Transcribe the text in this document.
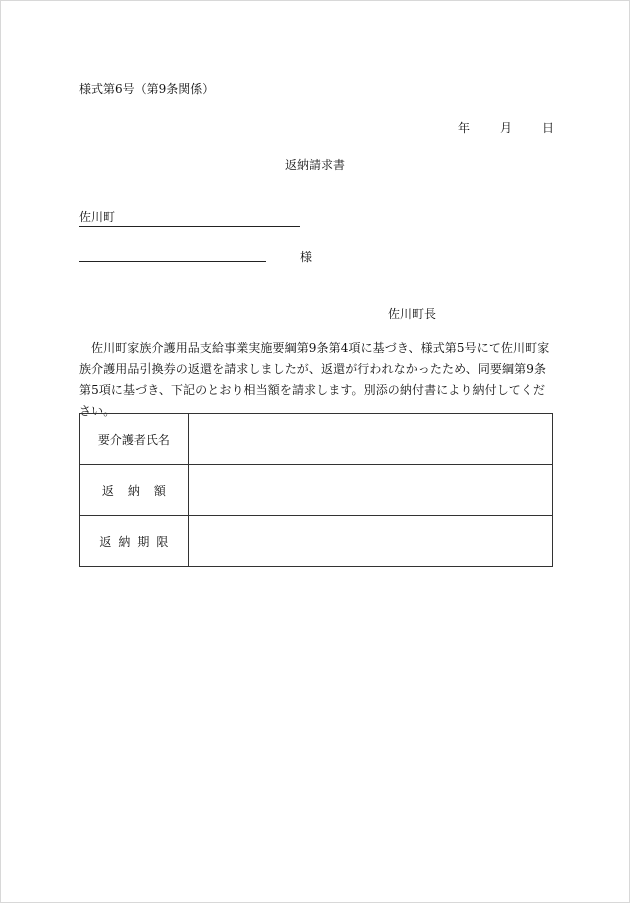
様式第6号（第9条関係）
年 月 日
返納請求書
佐川町
様
佐川町長
佐川町家族介護用品支給事業実施要綱第9条第4項に基づき、様式第5号にて佐川町家族介護用品引換券の返還を請求しましたが、返還が行われなかったため、同要綱第9条第5項に基づき、下記のとおり相当額を請求します。別添の納付書により納付してください。
要介護者氏名	
返納額	
返納期限	
